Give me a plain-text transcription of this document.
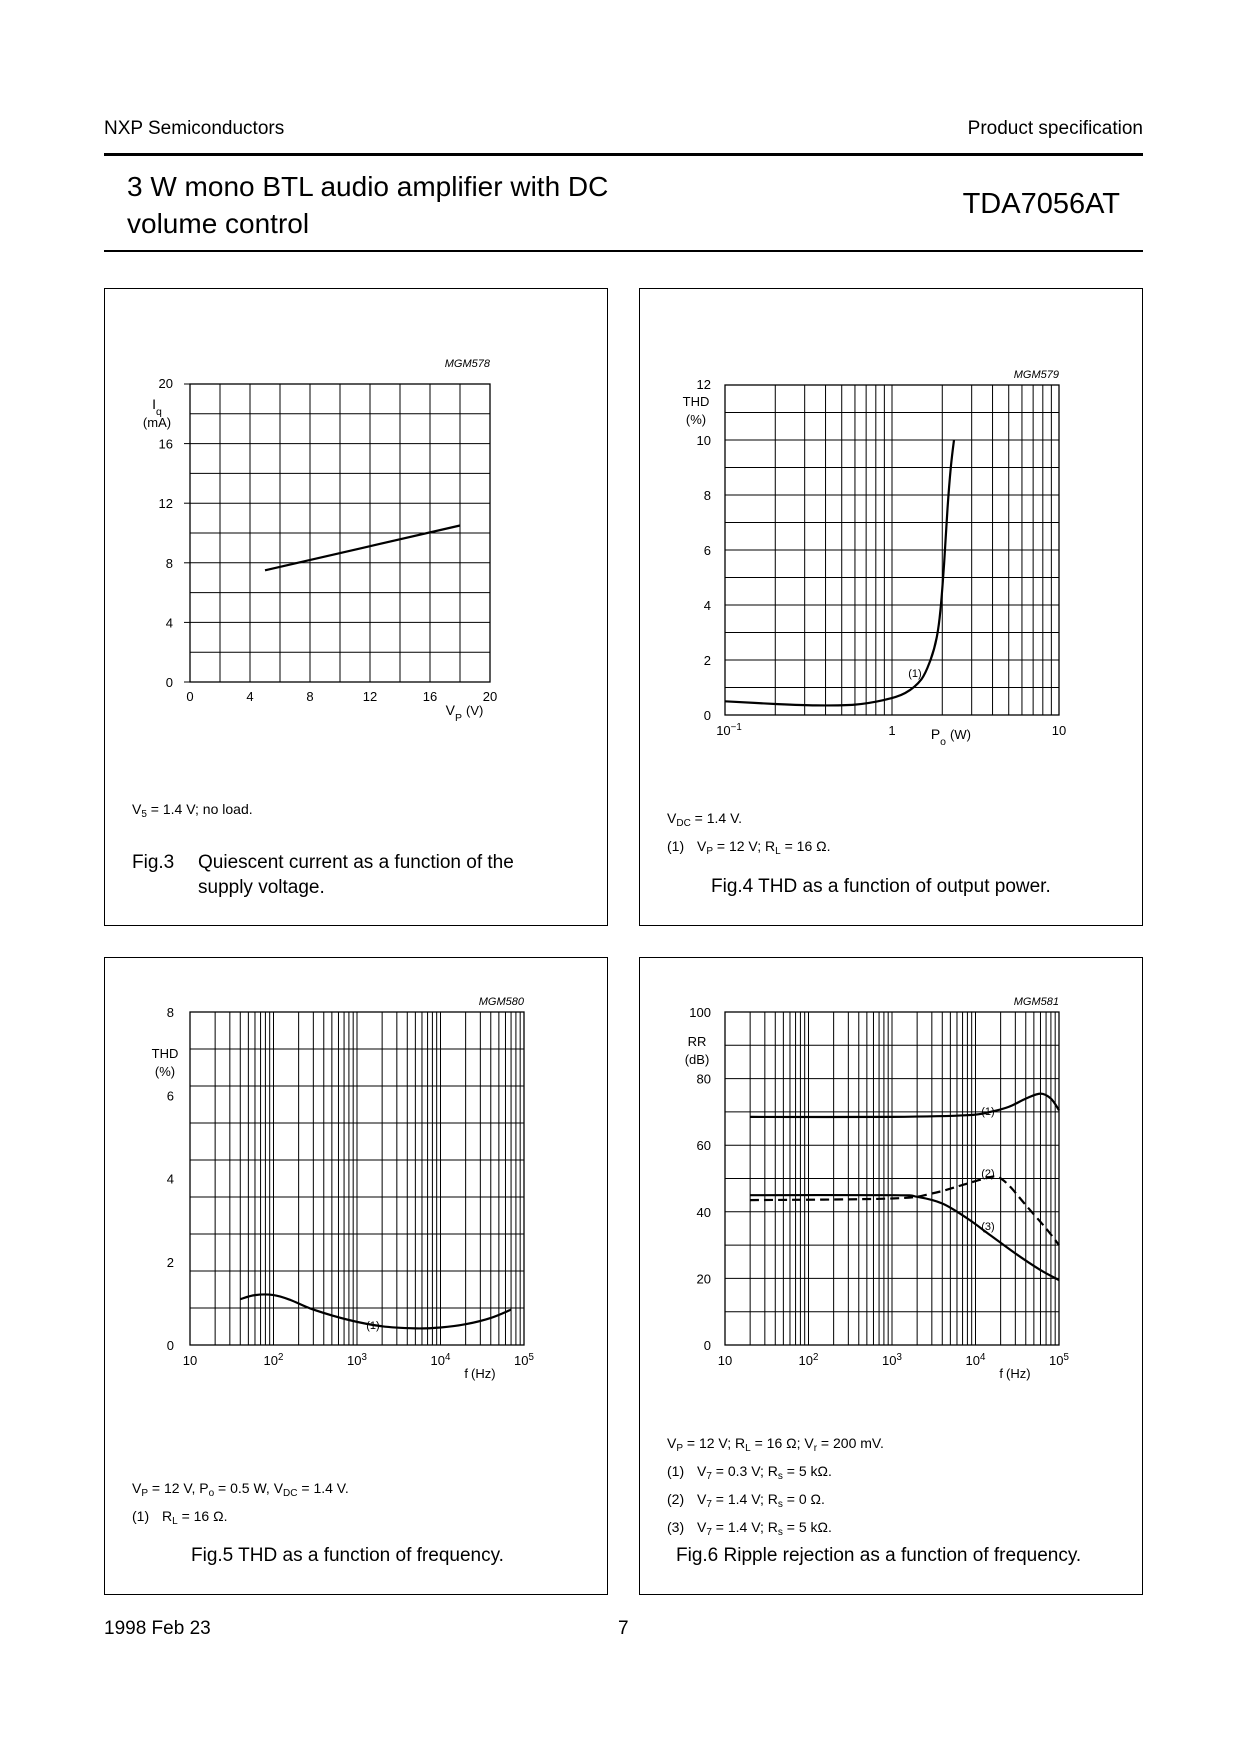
NXP Semiconductors	Product specification
3 W mono BTL audio amplifier with DC
volume control
TDA7056AT
0
4
8
12
16
20
0	4	8	12	16	20
$I_q$
(mA)
$V_P$ (V)
MGM578
$V_5 = 1.4$ V; no load.
Fig.3	Quiescent current as a function of the
supply voltage.
0
2
4
6
8
10
12
$10^{-1}$	1	10
THD
(%)
$P_o$ (W)
MGM579
(1)
$V_{DC} = 1.4$ V.
(1) $V_P = 12$ V; $R_L = 16$ Ω.
Fig.4 THD as a function of output power.
0
2
4
6
8
10	$10^2$	$10^3$	$10^4$	$10^5$
THD
(%)
f (Hz)
MGM580
(1)
$V_P = 12$ V, $P_o = 0.5$ W, $V_{DC} = 1.4$ V.
(1) $R_L = 16$ Ω.
Fig.5 THD as a function of frequency.
0
20
40
60
80
100
10	$10^2$	$10^3$	$10^4$	$10^5$
RR
(dB)
f (Hz)
MGM581
(1)
(2)
(3)
$V_P = 12$ V; $R_L = 16$ Ω; $V_r = 200$ mV.
(1) $V_7 = 0.3$ V; $R_s = 5$ kΩ.
(2) $V_7 = 1.4$ V; $R_s = 0$ Ω.
(3) $V_7 = 1.4$ V; $R_s = 5$ kΩ.
Fig.6 Ripple rejection as a function of frequency.
1998 Feb 23	7
